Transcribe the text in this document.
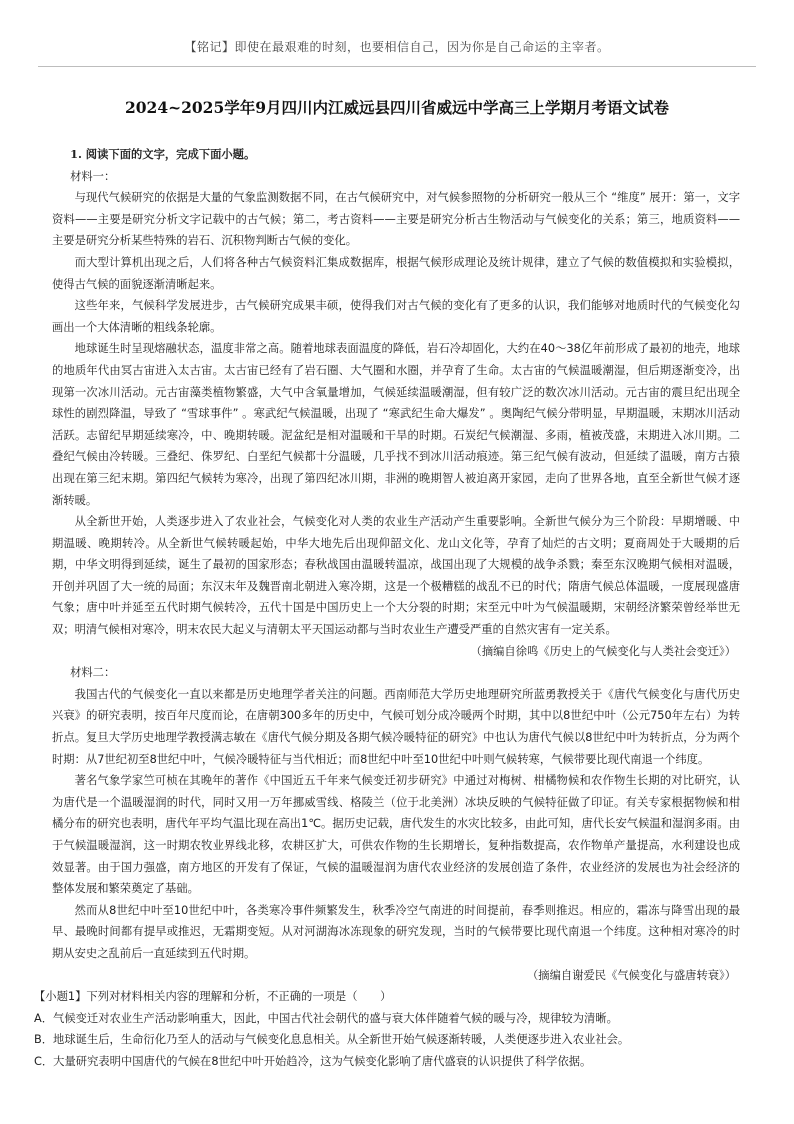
【铭记】即使在最艰难的时刻，也要相信自己，因为你是自己命运的主宰者。
2024~2025学年9月四川内江威远县四川省威远中学高三上学期月考语文试卷

1. 阅读下面的文字，完成下面小题。

材料一：

与现代气候研究的依据是大量的气象监测数据不同，在古气候研究中，对气候参照物的分析研究一般从三个 “维度” 展开：第一，文字资料——主要是研究分析文字记载中的古气候；第二，考古资料——主要是研究分析古生物活动与气候变化的关系；第三，地质资料——主要是研究分析某些特殊的岩石、沉积物判断古气候的变化。

而大型计算机出现之后，人们将各种古气候资料汇集成数据库，根据气候形成理论及统计规律，建立了气候的数值模拟和实验模拟，使得古气候的面貌逐渐清晰起来。

这些年来，气候科学发展进步，古气候研究成果丰硕，使得我们对古气候的变化有了更多的认识，我们能够对地质时代的气候变化勾画出一个大体清晰的粗线条轮廓。

地球诞生时呈现熔融状态，温度非常之高。随着地球表面温度的降低，岩石冷却固化，大约在40～38亿年前形成了最初的地壳，地球的地质年代由冥古宙进入太古宙。太古宙已经有了岩石圈、大气圈和水圈，并孕育了生命。太古宙的气候温暖潮湿，但后期逐渐变冷，出现第一次冰川活动。元古宙藻类植物繁盛，大气中含氧量增加，气候延续温暖潮湿，但有较广泛的数次冰川活动。元古宙的震旦纪出现全球性的剧烈降温，导致了 “雪球事件” 。寒武纪气候温暖，出现了 “寒武纪生命大爆发” 。奥陶纪气候分带明显，早期温暖，末期冰川活动活跃。志留纪早期延续寒冷，中、晚期转暖。泥盆纪是相对温暖和干旱的时期。石炭纪气候潮湿、多雨，植被茂盛，末期进入冰川期。二叠纪气候由冷转暖。三叠纪、侏罗纪、白垩纪气候都十分温暖，几乎找不到冰川活动痕迹。第三纪气候有波动，但延续了温暖，南方古猿出现在第三纪末期。第四纪气候转为寒冷，出现了第四纪冰川期，非洲的晚期智人被迫离开家园，走向了世界各地，直至全新世气候才逐渐转暖。

从全新世开始，人类逐步进入了农业社会，气候变化对人类的农业生产活动产生重要影响。全新世气候分为三个阶段：早期增暖、中期温暖、晚期转冷。从全新世气候转暖起始，中华大地先后出现仰韶文化、龙山文化等，孕育了灿烂的古文明；夏商周处于大暖期的后期，中华文明得到延续，诞生了最初的国家形态；春秋战国由温暖转温凉，战国出现了大规模的战争杀戮；秦至东汉晚期气候相对温暖，开创并巩固了大一统的局面；东汉末年及魏晋南北朝进入寒冷期，这是一个极糟糕的战乱不已的时代；隋唐气候总体温暖，一度展现盛唐气象；唐中叶并延至五代时期气候转冷，五代十国是中国历史上一个大分裂的时期；宋至元中叶为气候温暖期，宋朝经济繁荣曾经举世无双；明清气候相对寒冷，明末农民大起义与清朝太平天国运动都与当时农业生产遭受严重的自然灾害有一定关系。

（摘编自徐鸣《历史上的气候变化与人类社会变迁》）

材料二：

我国古代的气候变化一直以来都是历史地理学者关注的问题。西南师范大学历史地理研究所蓝勇教授关于《唐代气候变化与唐代历史兴衰》的研究表明，按百年尺度而论，在唐朝300多年的历史中，气候可划分成冷暖两个时期，其中以8世纪中叶（公元750年左右）为转折点。复旦大学历史地理学教授满志敏在《唐代气候分期及各期气候冷暖特征的研究》中也认为唐代气候以8世纪中叶为转折点，分为两个时期：从7世纪初至8世纪中叶，气候冷暖特征与当代相近；而8世纪中叶至10世纪中叶则气候转寒，气候带要比现代南退一个纬度。

著名气象学家竺可桢在其晚年的著作《中国近五千年来气候变迁初步研究》中通过对梅树、柑橘物候和农作物生长期的对比研究，认为唐代是一个温暖湿润的时代，同时又用一万年挪威雪线、格陵兰（位于北美洲）冰块反映的气候特征做了印证。有关专家根据物候和柑橘分布的研究也表明，唐代年平均气温比现在高出1℃。据历史记载，唐代发生的水灾比较多，由此可知，唐代长安气候温和湿润多雨。由于气候温暖湿润，这一时期农牧业界线北移，农耕区扩大，可供农作物的生长期增长，复种指数提高，农作物单产量提高，水利建设也成效显著。由于国力强盛，南方地区的开发有了保证，气候的温暖湿润为唐代农业经济的发展创造了条件，农业经济的发展也为社会经济的整体发展和繁荣奠定了基础。

然而从8世纪中叶至10世纪中叶，各类寒冷事件频繁发生，秋季冷空气南进的时间提前，春季则推迟。相应的，霜冻与降雪出现的最早、最晚时间都有提早或推迟，无霜期变短。从对河湖海冰冻现象的研究发现，当时的气候带要比现代南退一个纬度。这种相对寒冷的时期从安史之乱前后一直延续到五代时期。

（摘编自谢爱民《气候变化与盛唐转衰》）

【小题1】下列对材料相关内容的理解和分析，不正确的一项是（　　）

A．气候变迁对农业生产活动影响重大，因此，中国古代社会朝代的盛与衰大体伴随着气候的暖与冷，规律较为清晰。

B．地球诞生后，生命衍化乃至人的活动与气候变化息息相关。从全新世开始气候逐渐转暖，人类便逐步进入农业社会。

C．大量研究表明中国唐代的气候在8世纪中叶开始趋冷，这为气候变化影响了唐代盛衰的认识提供了科学依据。
